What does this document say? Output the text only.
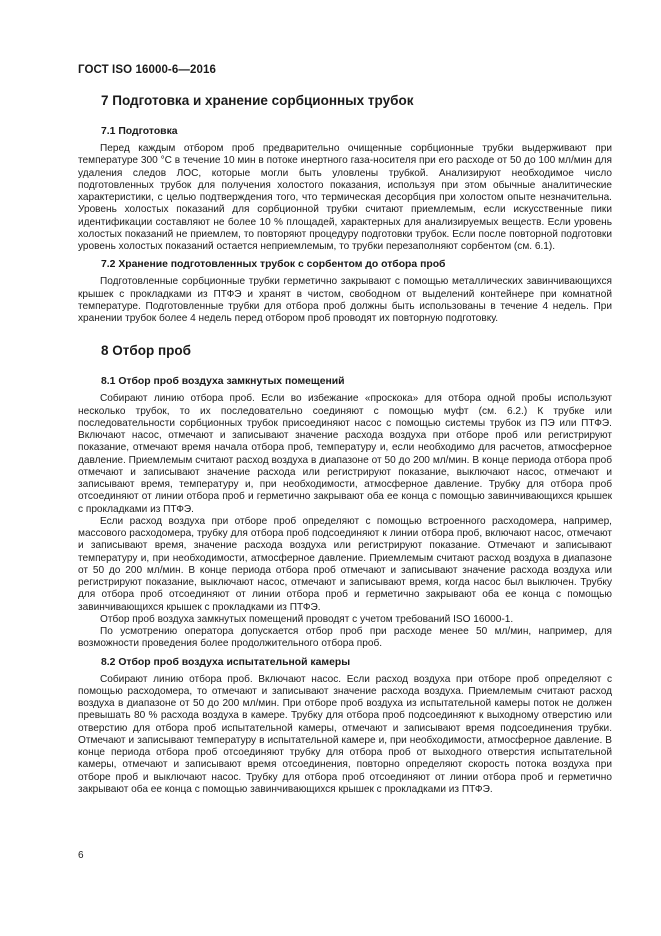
ГОСТ ISO 16000-6—2016
7 Подготовка и хранение сорбционных трубок
7.1 Подготовка

Перед каждым отбором проб предварительно очищенные сорбционные трубки выдерживают при температуре 300 °С в течение 10 мин в потоке инертного газа-носителя при его расходе от 50 до 100 мл/мин для удаления следов ЛОС, которые могли быть уловлены трубкой. Анализируют необходимое число подготовленных трубок для получения холостого показания, используя при этом обычные аналитические характеристики, с целью подтверждения того, что термическая десорбция при холостом опыте незначительна. Уровень холостых показаний для сорбционной трубки считают приемлемым, если искусственные пики идентификации составляют не более 10 % площадей, характерных для анализируемых веществ. Если уровень холостых показаний не приемлем, то повторяют процедуру подготовки трубок. Если после повторной подготовки уровень холостых показаний остается неприемлемым, то трубки перезаполняют сорбентом (см. 6.1).

7.2 Хранение подготовленных трубок с сорбентом до отбора проб

Подготовленные сорбционные трубки герметично закрывают с помощью металлических завинчивающихся крышек с прокладками из ПТФЭ и хранят в чистом, свободном от выделений контейнере при комнатной температуре. Подготовленные трубки для отбора проб должны быть использованы в течение 4 недель. При хранении трубок более 4 недель перед отбором проб проводят их повторную подготовку.

8 Отбор проб
8.1 Отбор проб воздуха замкнутых помещений

Собирают линию отбора проб. Если во избежание «проскока» для отбора одной пробы используют несколько трубок, то их последовательно соединяют с помощью муфт (см. 6.2.) К трубке или последовательности сорбционных трубок присоединяют насос с помощью системы трубок из ПЭ или ПТФЭ. Включают насос, отмечают и записывают значение расхода воздуха при отборе проб или регистрируют показание, отмечают время начала отбора проб, температуру и, если необходимо для расчетов, атмосферное давление. Приемлемым считают расход воздуха в диапазоне от 50 до 200 мл/мин. В конце периода отбора проб отмечают и записывают значение расхода или регистрируют показание, выключают насос, отмечают и записывают время, температуру и, при необходимости, атмосферное давление. Трубку для отбора проб отсоединяют от линии отбора проб и герметично закрывают оба ее конца с помощью завинчивающихся крышек с прокладками из ПТФЭ.

Если расход воздуха при отборе проб определяют с помощью встроенного расходомера, например, массового расходомера, трубку для отбора проб подсоединяют к линии отбора проб, включают насос, отмечают и записывают время, значение расхода воздуха или регистрируют показание. Отмечают и записывают температуру и, при необходимости, атмосферное давление. Приемлемым считают расход воздуха в диапазоне от 50 до 200 мл/мин. В конце периода отбора проб отмечают и записывают значение расхода воздуха или регистрируют показание, выключают насос, отмечают и записывают время, когда насос был выключен. Трубку для отбора проб отсоединяют от линии отбора проб и герметично закрывают оба ее конца с помощью завинчивающихся крышек с прокладками из ПТФЭ.

Отбор проб воздуха замкнутых помещений проводят с учетом требований ISO 16000-1.

По усмотрению оператора допускается отбор проб при расходе менее 50 мл/мин, например, для возможности проведения более продолжительного отбора проб.

8.2 Отбор проб воздуха испытательной камеры

Собирают линию отбора проб. Включают насос. Если расход воздуха при отборе проб определяют с помощью расходомера, то отмечают и записывают значение расхода воздуха. Приемлемым считают расход воздуха в диапазоне от 50 до 200 мл/мин. При отборе проб воздуха из испытательной камеры поток не должен превышать 80 % расхода воздуха в камере. Трубку для отбора проб подсоединяют к выходному отверстию или отверстию для отбора проб испытательной камеры, отмечают и записывают время подсоединения трубки. Отмечают и записывают температуру в испытательной камере и, при необходимости, атмосферное давление. В конце периода отбора проб отсоединяют трубку для отбора проб от выходного отверстия испытательной камеры, отмечают и записывают время отсоединения, повторно определяют скорость потока воздуха при отборе проб и выключают насос. Трубку для отбора проб отсоединяют от линии отбора проб и герметично закрывают оба ее конца с помощью завинчивающихся крышек с прокладками из ПТФЭ.

6
